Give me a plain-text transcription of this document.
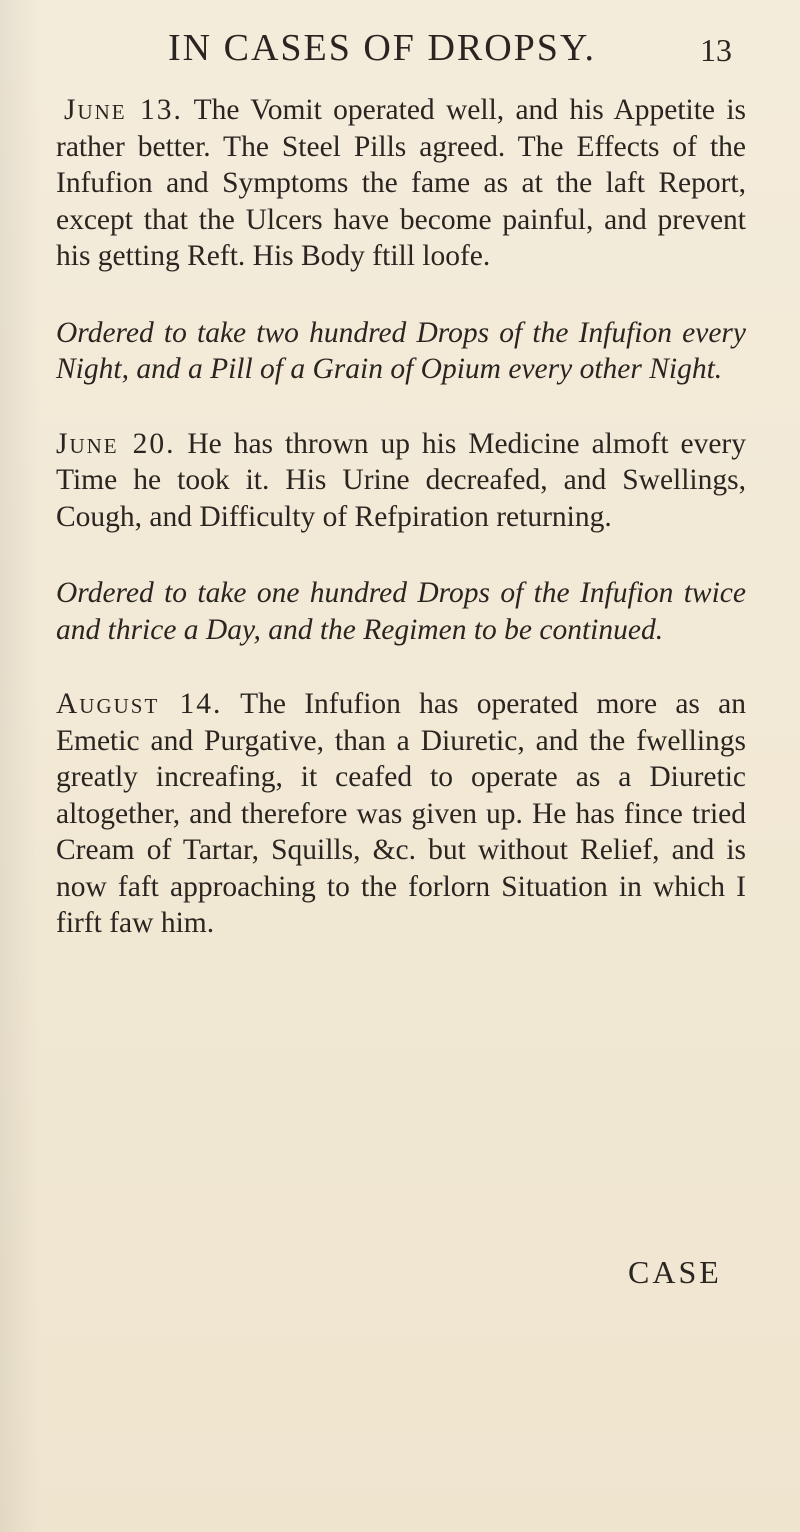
IN CASES OF DROPSY.	13

June 13. The Vomit operated well, and his Appetite is rather better. The Steel Pills agreed. The Effects of the Infufion and Symptoms the fame as at the laft Report, except that the Ulcers have become painful, and prevent his getting Reft. His Body ftill loofe.

Ordered to take two hundred Drops of the Infufion every Night, and a Pill of a Grain of Opium every other Night.

June 20. He has thrown up his Medicine almoft every Time he took it. His Urine decreafed, and Swellings, Cough, and Difficulty of Refpiration returning.

Ordered to take one hundred Drops of the Infufion twice and thrice a Day, and the Regimen to be continued.

August 14. The Infufion has operated more as an Emetic and Purgative, than a Diuretic, and the fwellings greatly increafing, it ceafed to operate as a Diuretic altogether, and therefore was given up. He has fince tried Cream of Tartar, Squills, &c. but without Relief, and is now faft approaching to the forlorn Situation in which I firft faw him.

CASE
